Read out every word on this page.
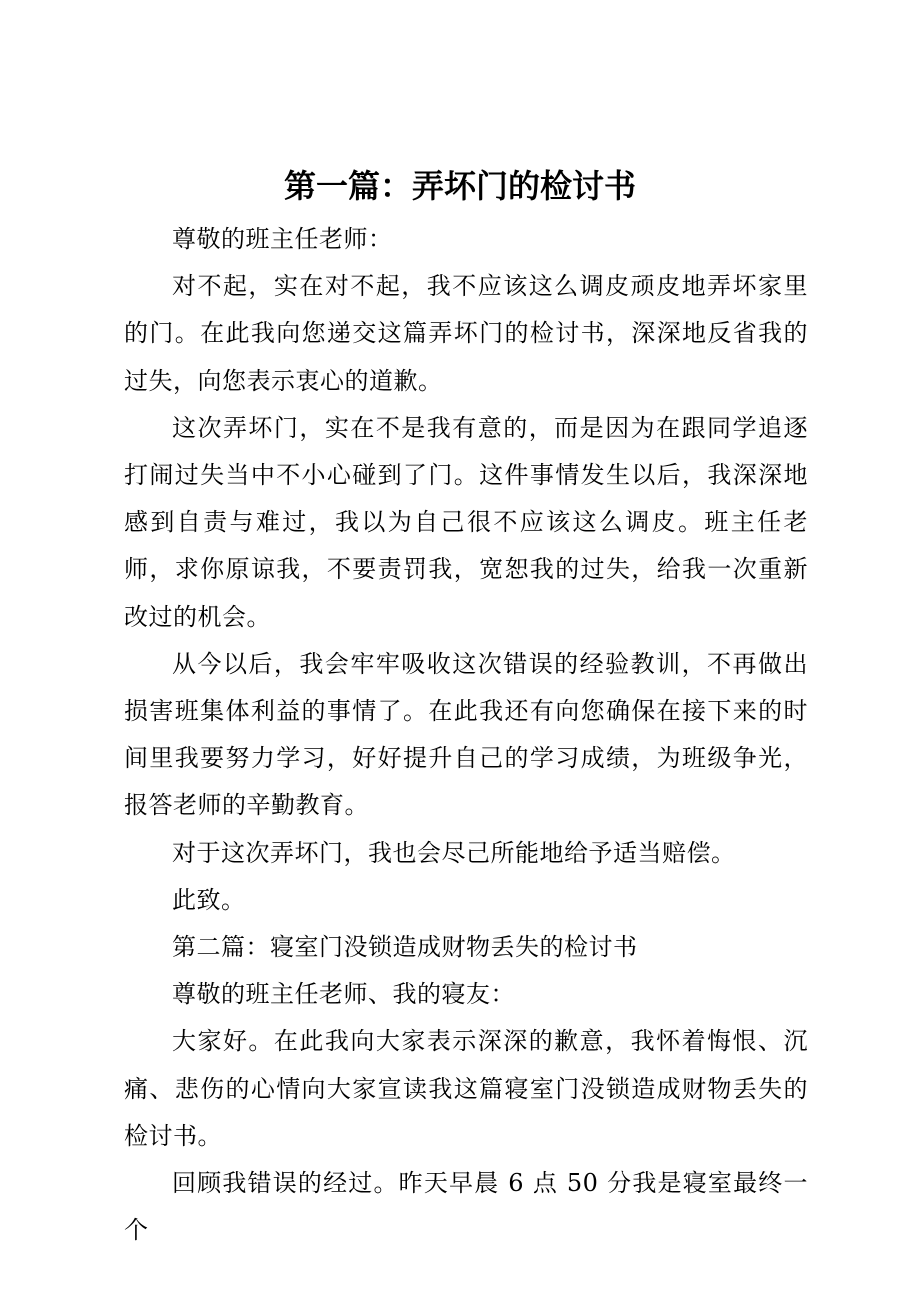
第一篇：弄坏门的检讨书

尊敬的班主任老师：

对不起，实在对不起，我不应该这么调皮顽皮地弄坏家里的门。在此我向您递交这篇弄坏门的检讨书，深深地反省我的过失，向您表示衷心的道歉。

这次弄坏门，实在不是我有意的，而是因为在跟同学追逐打闹过失当中不小心碰到了门。这件事情发生以后，我深深地感到自责与难过，我以为自己很不应该这么调皮。班主任老师，求你原谅我，不要责罚我，宽恕我的过失，给我一次重新改过的机会。

从今以后，我会牢牢吸收这次错误的经验教训，不再做出损害班集体利益的事情了。在此我还有向您确保在接下来的时间里我要努力学习，好好提升自己的学习成绩，为班级争光，报答老师的辛勤教育。

对于这次弄坏门，我也会尽己所能地给予适当赔偿。

此致。

第二篇：寝室门没锁造成财物丢失的检讨书

尊敬的班主任老师、我的寝友：

大家好。在此我向大家表示深深的歉意，我怀着悔恨、沉痛、悲伤的心情向大家宣读我这篇寝室门没锁造成财物丢失的检讨书。

回顾我错误的经过。昨天早晨 6 点 50 分我是寝室最终一个
